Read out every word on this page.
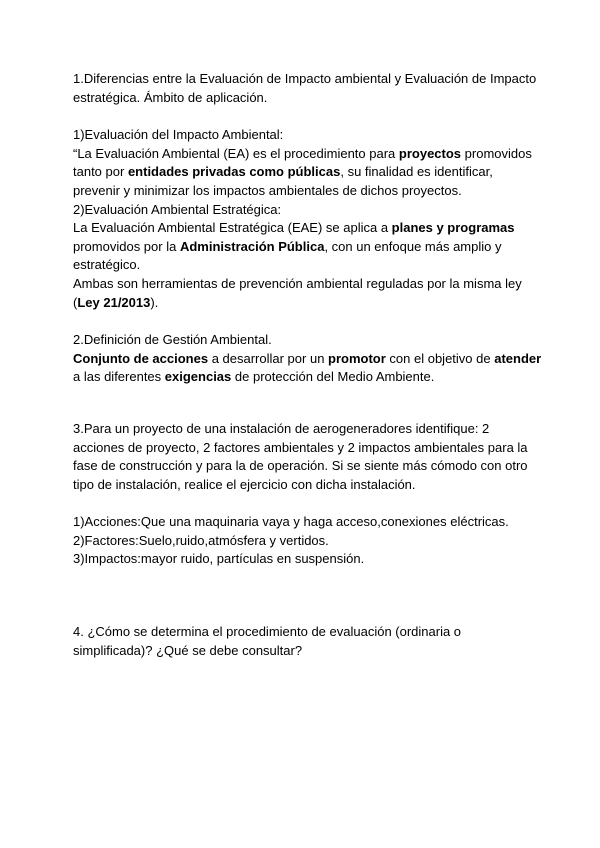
1.Diferencias entre la Evaluación de Impacto ambiental y Evaluación de Impacto estratégica. Ámbito de aplicación.

1)Evaluación del Impacto Ambiental:

“La Evaluación Ambiental (EA) es el procedimiento para proyectos promovidos tanto por entidades privadas como públicas, su finalidad es identificar, prevenir y minimizar los impactos ambientales de dichos proyectos.

2)Evaluación Ambiental Estratégica:

La Evaluación Ambiental Estratégica (EAE) se aplica a planes y programas promovidos por la Administración Pública, con un enfoque más amplio y estratégico.

Ambas son herramientas de prevención ambiental reguladas por la misma ley (Ley 21/2013).

2.Definición de Gestión Ambiental.

Conjunto de acciones a desarrollar por un promotor con el objetivo de atender a las diferentes exigencias de protección del Medio Ambiente.

3.Para un proyecto de una instalación de aerogeneradores identifique: 2 acciones de proyecto, 2 factores ambientales y 2 impactos ambientales para la fase de construcción y para la de operación. Si se siente más cómodo con otro tipo de instalación, realice el ejercicio con dicha instalación.

1)Acciones:Que una maquinaria vaya y haga acceso,conexiones eléctricas.

2)Factores:Suelo,ruido,atmósfera y vertidos.

3)Impactos:mayor ruido, partículas en suspensión.

4. ¿Cómo se determina el procedimiento de evaluación (ordinaria o simplificada)? ¿Qué se debe consultar?
